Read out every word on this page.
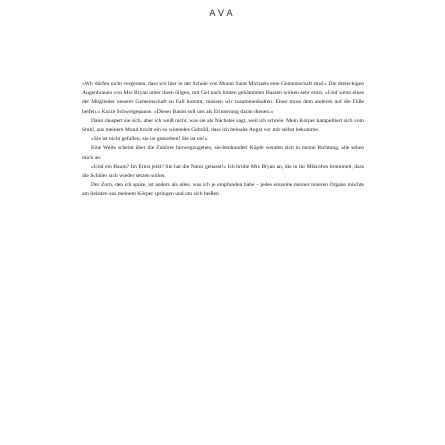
AVA

»Wir dürfen nicht vergessen, dass wir hier in der Schule von Mount Saint Michaels eine Gemeinschaft sind.« Die dreieckigen Augenbrauen von Mrs Bryan unter ihren öligen, mit Gel nach hinten gekämmten Haaren wirken sehr ernst. »Und wenn eines der Mitglieder unserer Gemeinschaft zu Fall kommt, müssen wir zusammenhalten. Einer muss dem anderen auf die Füße helfen.« Kurze Schweigepause. »Dieser Baum soll uns als Erinnerung daran dienen.«

Dann räuspert sie sich, aber ich weiß nicht, was sie als Nächstes sagt, weil ich schreie. Mein Körper katapultiert sich vom Stuhl, aus meinem Mund bricht ein so wütendes Gebrüll, dass ich beinahe Angst vor mir selbst bekomme.

»Sie ist nicht gefallen, sie ist gestorben! Sie ist tot!«

Eine Welle scheint über die Zuhörer hinwegzugehen, sie-benhundert Köpfe wenden sich in meine Richtung, alle sehen mich an.

»Und ein Baum? Im Ernst jetzt? Sie hat die Natur gehasst!« Ich brülle Mrs Bryan an, die in ihr Mikrofon brummelt, dass die Schüler sich wieder setzen sollen.

Der Zorn, den ich spüre, ist anders als alles, was ich je empfunden habe – jedes einzelne meiner inneren Organe möchte am liebsten aus meinem Körper springen und um sich beißen
